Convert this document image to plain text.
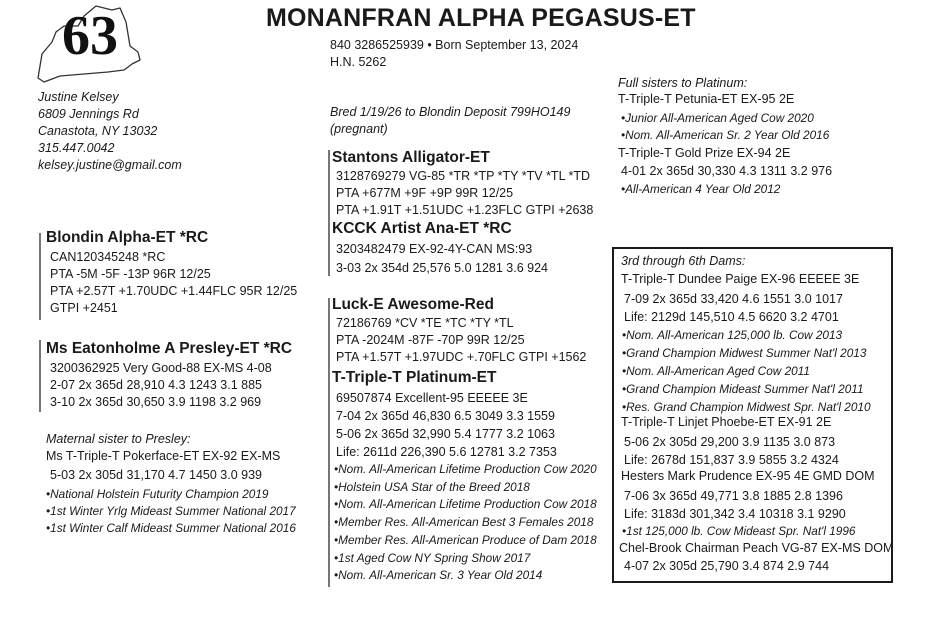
63	MONANFRAN ALPHA PEGASUS-ET
840 3286525939 • Born September 13, 2024
H.N. 5262
Justine Kelsey
6809 Jennings Rd
Canastota, NY 13032
315.447.0042
kelsey.justine@gmail.com
Bred 1/19/26 to Blondin Deposit 799HO149
(pregnant)
Blondin Alpha-ET *RC
CAN120345248 *RC
PTA -5M -5F -13P 96R 12/25
PTA +2.57T +1.70UDC +1.44FLC 95R 12/25
GTPI +2451
Ms Eatonholme A Presley-ET *RC
3200362925 Very Good-88 EX-MS 4-08
2-07 2x 365d 28,910 4.3 1243 3.1 885
3-10 2x 365d 30,650 3.9 1198 3.2 969
Maternal sister to Presley:
Ms T-Triple-T Pokerface-ET EX-92 EX-MS
5-03 2x 305d 31,170 4.7 1450 3.0 939
•National Holstein Futurity Champion 2019
•1st Winter Yrlg Mideast Summer National 2017
•1st Winter Calf Mideast Summer National 2016
Stantons Alligator-ET
3128769279 VG-85 *TR *TP *TY *TV *TL *TD
PTA +677M +9F +9P 99R 12/25
PTA +1.91T +1.51UDC +1.23FLC GTPI +2638
KCCK Artist Ana-ET *RC
3203482479 EX-92-4Y-CAN MS:93
3-03 2x 354d 25,576 5.0 1281 3.6 924
Luck-E Awesome-Red
72186769 *CV *TE *TC *TY *TL
PTA -2024M -87F -70P 99R 12/25
PTA +1.57T +1.97UDC +.70FLC GTPI +1562
T-Triple-T Platinum-ET
69507874 Excellent-95 EEEEE 3E
7-04 2x 365d 46,830 6.5 3049 3.3 1559
5-06 2x 365d 32,990 5.4 1777 3.2 1063
Life: 2611d 226,390 5.6 12781 3.2 7353
•Nom. All-American Lifetime Production Cow 2020
•Holstein USA Star of the Breed 2018
•Nom. All-American Lifetime Production Cow 2018
•Member Res. All-American Best 3 Females 2018
•Member Res. All-American Produce of Dam 2018
•1st Aged Cow NY Spring Show 2017
•Nom. All-American Sr. 3 Year Old 2014
Full sisters to Platinum:
T-Triple-T Petunia-ET EX-95 2E
•Junior All-American Aged Cow 2020
•Nom. All-American Sr. 2 Year Old 2016
T-Triple-T Gold Prize EX-94 2E
4-01 2x 365d 30,330 4.3 1311 3.2 976
•All-American 4 Year Old 2012
3rd through 6th Dams:
T-Triple-T Dundee Paige EX-96 EEEEE 3E
7-09 2x 365d 33,420 4.6 1551 3.0 1017
Life: 2129d 145,510 4.5 6620 3.2 4701
•Nom. All-American 125,000 lb. Cow 2013
•Grand Champion Midwest Summer Nat'l 2013
•Nom. All-American Aged Cow 2011
•Grand Champion Mideast Summer Nat'l 2011
•Res. Grand Champion Midwest Spr. Nat'l 2010
T-Triple-T Linjet Phoebe-ET EX-91 2E
5-06 2x 305d 29,200 3.9 1135 3.0 873
Life: 2678d 151,837 3.9 5855 3.2 4324
Hesters Mark Prudence EX-95 4E GMD DOM
7-06 3x 365d 49,771 3.8 1885 2.8 1396
Life: 3183d 301,342 3.4 10318 3.1 9290
•1st 125,000 lb. Cow Mideast Spr. Nat'l 1996
Chel-Brook Chairman Peach VG-87 EX-MS DOM
4-07 2x 305d 25,790 3.4 874 2.9 744
